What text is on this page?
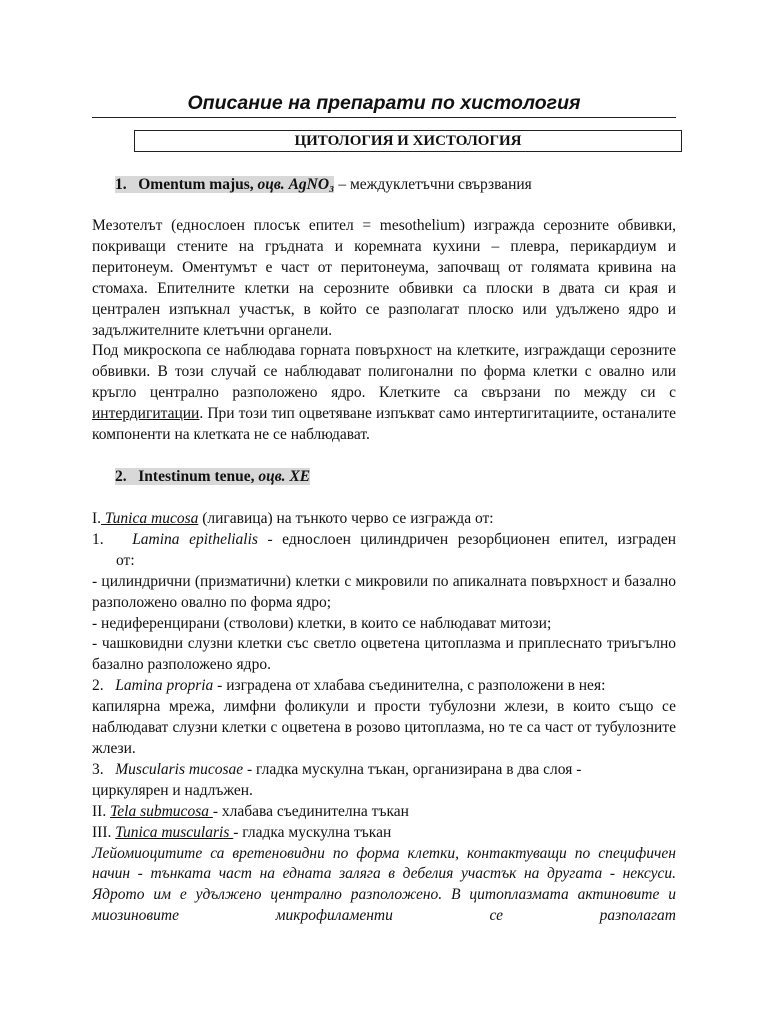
Описание на препарати по хистология
ЦИТОЛОГИЯ И ХИСТОЛОГИЯ
1. Omentum majus, оцв. AgNO₃ – междуклетъчни свързвания

Мезотелът (еднослоен плосък епител = mesothelium) изгражда серозните обвивки, покриващи стените на гръдната и коремната кухини – плевра, перикардиум и перитонеум. Оментумът е част от перитонеума, започващ от голямата кривина на стомаха. Епителните клетки на серозните обвивки са плоски в двата си края и централен изпъкнал участък, в който се разполагат плоско или удължено ядро и задължителните клетъчни органели.

Под микроскопа се наблюдава горната повърхност на клетките, изграждащи серозните обвивки. В този случай се наблюдават полигонални по форма клетки с овално или кръгло централно разположено ядро. Клетките са свързани по между си с интердигитации. При този тип оцветяване изпъкват само интертигитациите, останалите компоненти на клетката не се наблюдават.

2. Intestinum tenue, оцв. ХЕ
I. Tunica mucosa (лигавица) на тънкото черво се изгражда от:
1. Lamina epithelialis - еднослоен цилиндричен резорбционен епител, изграден
от:

- цилиндрични (призматични) клетки с микровили по апикалната повърхност и базално разположено овално по форма ядро;

- недиференцирани (стволови) клетки, в които се наблюдават митози;

- чашковидни слузни клетки със светло оцветена цитоплазма и приплеснато триъгълно базално разположено ядро.

2. Lamina propria - изградена от хлабава съединителна, с разположени в нея:

капилярна мрежа, лимфни фоликули и прости тубулозни жлези, в които също се наблюдават слузни клетки с оцветена в розово цитоплазма, но те са част от тубулозните жлези.

3. Muscularis mucosae - гладка мускулна тъкан, организирана в два слоя -
циркулярен и надлъжен.
II. Tela submucosa - хлабава съединителна тъкан
III. Tunica muscularis - гладка мускулна тъкан

Лейомиоцитите са вретеновидни по форма клетки, контактуващи по специфичен начин - тънката част на едната заляга в дебелия участък на другата - нексуси. Ядрото им е удължено централно разположено. В цитоплазмата актиновите и миозиновите микрофиламенти се разполагат
